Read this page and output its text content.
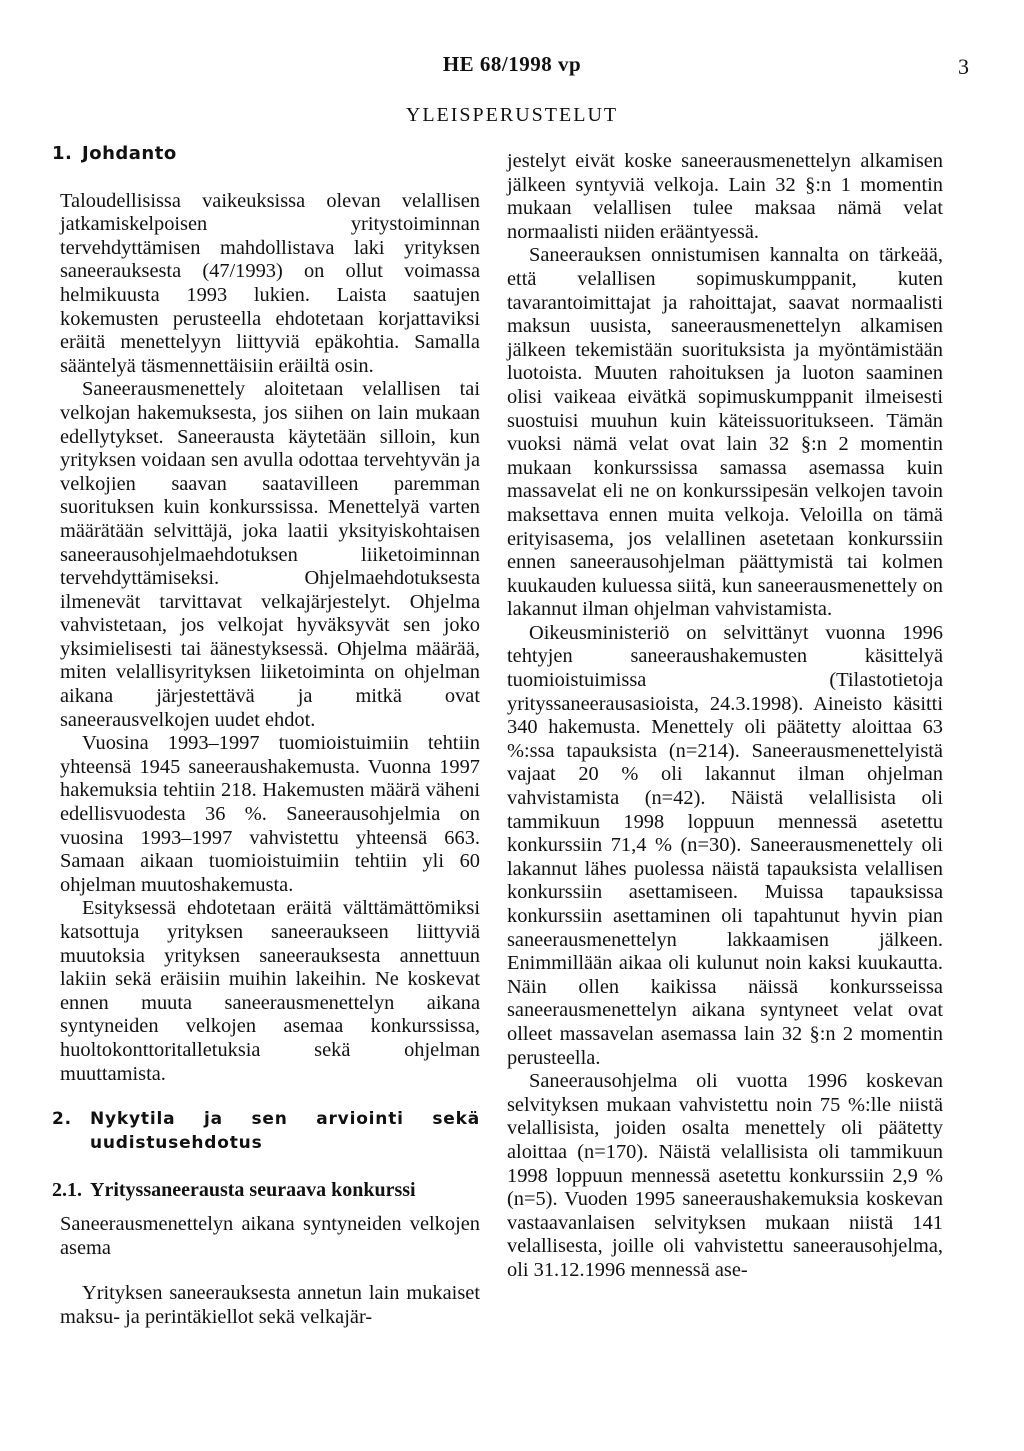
HE 68/1998 vp	3
YLEISPERUSTELUT
1. Johdanto

Taloudellisissa vaikeuksissa olevan velallisen jatkamiskelpoisen yritystoiminnan tervehdyttämisen mahdollistava laki yrityksen saneerauksesta (47/1993) on ollut voimassa helmikuusta 1993 lukien. Laista saatujen kokemusten perusteella ehdotetaan korjattaviksi eräitä menettelyyn liittyviä epäkohtia. Samalla sääntelyä täsmennettäisiin eräiltä osin.

Saneerausmenettely aloitetaan velallisen tai velkojan hakemuksesta, jos siihen on lain mukaan edellytykset. Saneerausta käytetään silloin, kun yrityksen voidaan sen avulla odottaa tervehtyvän ja velkojien saavan saatavilleen paremman suorituksen kuin konkurssissa. Menettelyä varten määrätään selvittäjä, joka laatii yksityiskohtaisen saneerausohjelmaehdotuksen liiketoiminnan tervehdyttämiseksi. Ohjelmaehdotuksesta ilmenevät tarvittavat velkajärjestelyt. Ohjelma vahvistetaan, jos velkojat hyväksyvät sen joko yksimielisesti tai äänestyksessä. Ohjelma määrää, miten velallisyrityksen liiketoiminta on ohjelman aikana järjestettävä ja mitkä ovat saneerausvelkojen uudet ehdot.

Vuosina 1993–1997 tuomioistuimiin tehtiin yhteensä 1945 saneeraushakemusta. Vuonna 1997 hakemuksia tehtiin 218. Hakemusten määrä väheni edellisvuodesta 36 %. Saneerausohjelmia on vuosina 1993–1997 vahvistettu yhteensä 663. Samaan aikaan tuomioistuimiin tehtiin yli 60 ohjelman muutoshakemusta.

Esityksessä ehdotetaan eräitä välttämättömiksi katsottuja yrityksen saneeraukseen liittyviä muutoksia yrityksen saneerauksesta annettuun lakiin sekä eräisiin muihin lakeihin. Ne koskevat ennen muuta saneerausmenettelyn aikana syntyneiden velkojen asemaa konkurssissa, huoltokonttoritalletuksia sekä ohjelman muuttamista.

2.	Nykytila ja sen arviointi sekä uudistusehdotus
2.1. Yrityssaneerausta seuraava konkurssi
Saneerausmenettelyn aikana syntyneiden velkojen asema

Yrityksen saneerauksesta annetun lain mukaiset maksu- ja perintäkiellot sekä velkajär-

jestelyt eivät koske saneerausmenettelyn alkamisen jälkeen syntyviä velkoja. Lain 32 §:n 1 momentin mukaan velallisen tulee maksaa nämä velat normaalisti niiden erääntyessä.

Saneerauksen onnistumisen kannalta on tärkeää, että velallisen sopimuskumppanit, kuten tavarantoimittajat ja rahoittajat, saavat normaalisti maksun uusista, saneerausmenettelyn alkamisen jälkeen tekemistään suorituksista ja myöntämistään luotoista. Muuten rahoituksen ja luoton saaminen olisi vaikeaa eivätkä sopimuskumppanit ilmeisesti suostuisi muuhun kuin käteissuoritukseen. Tämän vuoksi nämä velat ovat lain 32 §:n 2 momentin mukaan konkurssissa samassa asemassa kuin massavelat eli ne on konkurssipesän velkojen tavoin maksettava ennen muita velkoja. Veloilla on tämä erityisasema, jos velallinen asetetaan konkurssiin ennen saneerausohjelman päättymistä tai kolmen kuukauden kuluessa siitä, kun saneerausmenettely on lakannut ilman ohjelman vahvistamista.

Oikeusministeriö on selvittänyt vuonna 1996 tehtyjen saneeraushakemusten käsittelyä tuomioistuimissa (Tilastotietoja yrityssaneerausasioista, 24.3.1998). Aineisto käsitti 340 hakemusta. Menettely oli päätetty aloittaa 63 %:ssa tapauksista (n=214). Saneerausmenettelyistä vajaat 20 % oli lakannut ilman ohjelman vahvistamista (n=42). Näistä velallisista oli tammikuun 1998 loppuun mennessä asetettu konkurssiin 71,4 % (n=30). Saneerausmenettely oli lakannut lähes puolessa näistä tapauksista velallisen konkurssiin asettamiseen. Muissa tapauksissa konkurssiin asettaminen oli tapahtunut hyvin pian saneerausmenettelyn lakkaamisen jälkeen. Enimmillään aikaa oli kulunut noin kaksi kuukautta. Näin ollen kaikissa näissä konkursseissa saneerausmenettelyn aikana syntyneet velat ovat olleet massavelan asemassa lain 32 §:n 2 momentin perusteella.

Saneerausohjelma oli vuotta 1996 koskevan selvityksen mukaan vahvistettu noin 75 %:lle niistä velallisista, joiden osalta menettely oli päätetty aloittaa (n=170). Näistä velallisista oli tammikuun 1998 loppuun mennessä asetettu konkurssiin 2,9 % (n=5). Vuoden 1995 saneeraushakemuksia koskevan vastaavanlaisen selvityksen mukaan niistä 141 velallisesta, joille oli vahvistettu saneerausohjelma, oli 31.12.1996 mennessä ase-
